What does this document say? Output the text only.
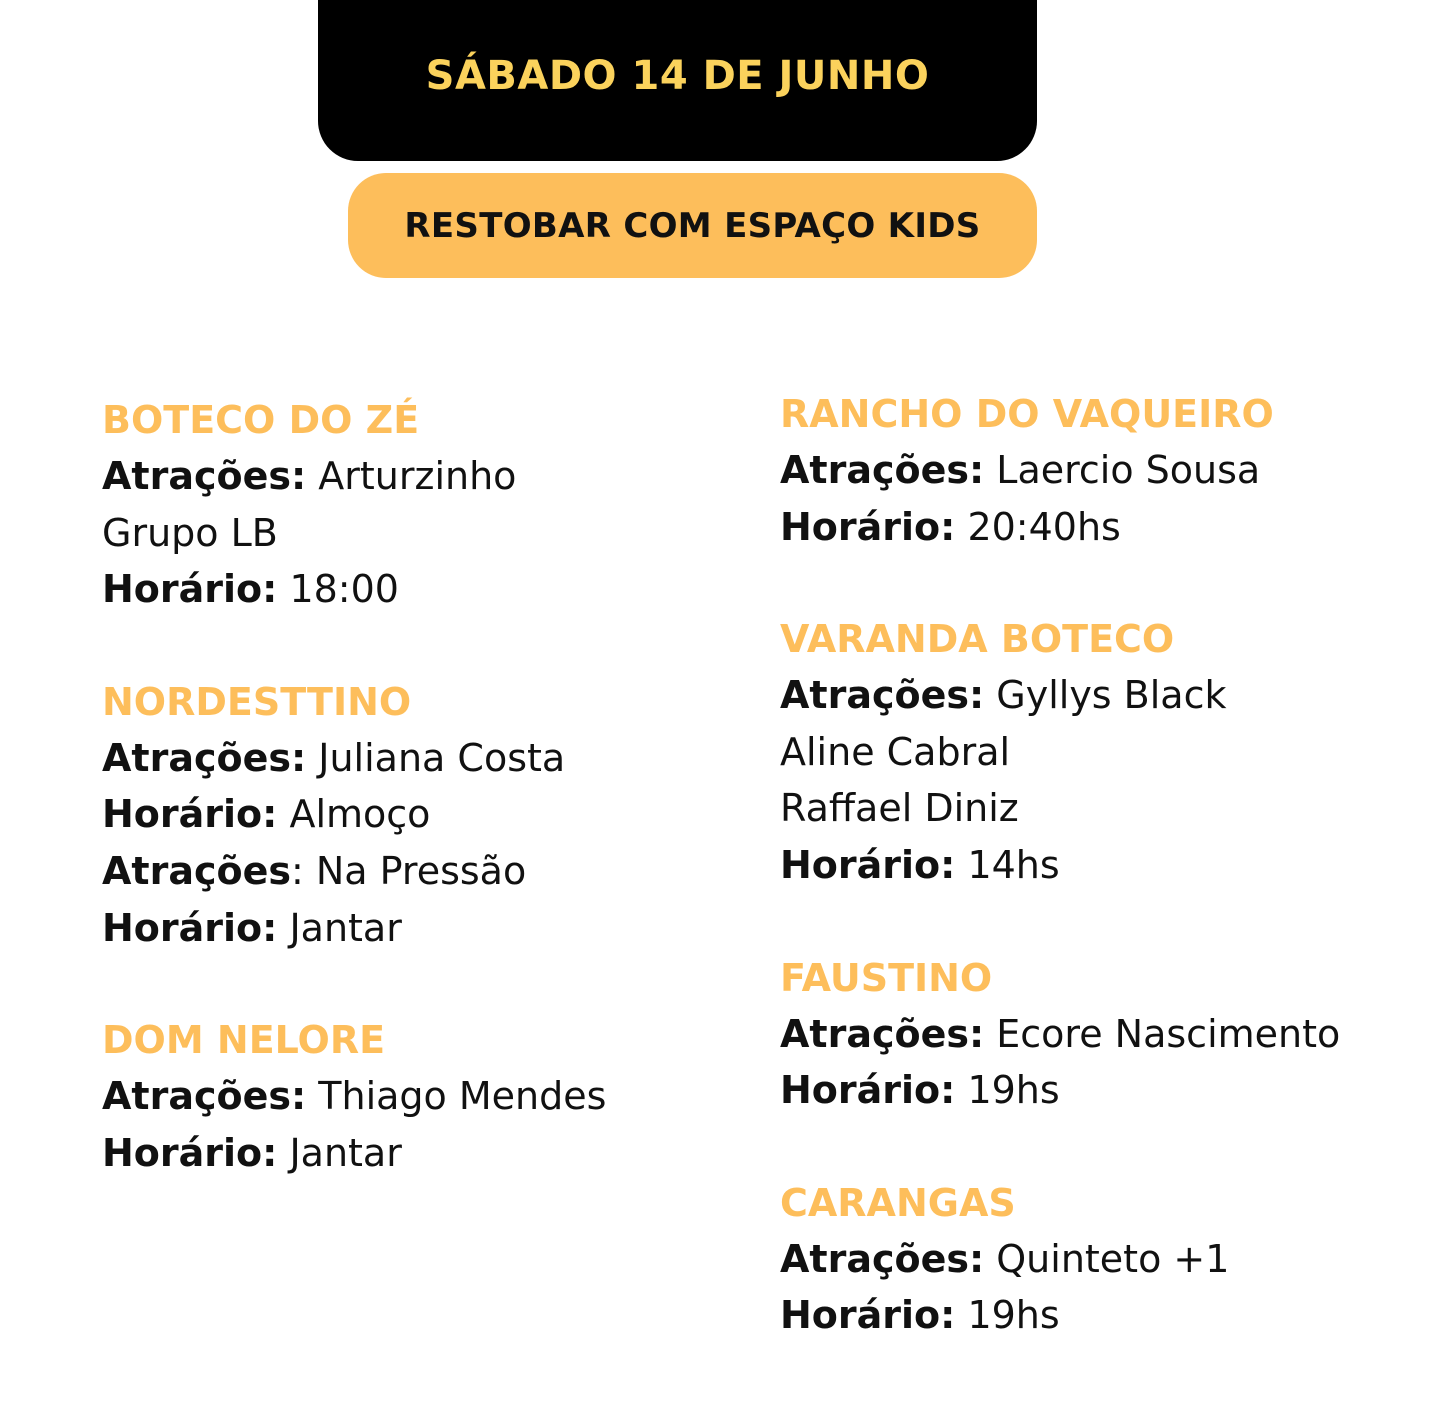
SÁBADO 14 DE JUNHO
RESTOBAR COM ESPAÇO KIDS
BOTECO DO ZÉ
Atrações: Arturzinho
Grupo LB
Horário: 18:00
NORDESTTINO
Atrações: Juliana Costa
Horário: Almoço
Atrações: Na Pressão
Horário: Jantar
DOM NELORE
Atrações: Thiago Mendes
Horário: Jantar
RANCHO DO VAQUEIRO
Atrações: Laercio Sousa
Horário: 20:40hs
VARANDA BOTECO
Atrações: Gyllys Black
Aline Cabral
Raffael Diniz
Horário: 14hs
FAUSTINO
Atrações: Ecore Nascimento
Horário: 19hs
CARANGAS
Atrações: Quinteto +1
Horário: 19hs
